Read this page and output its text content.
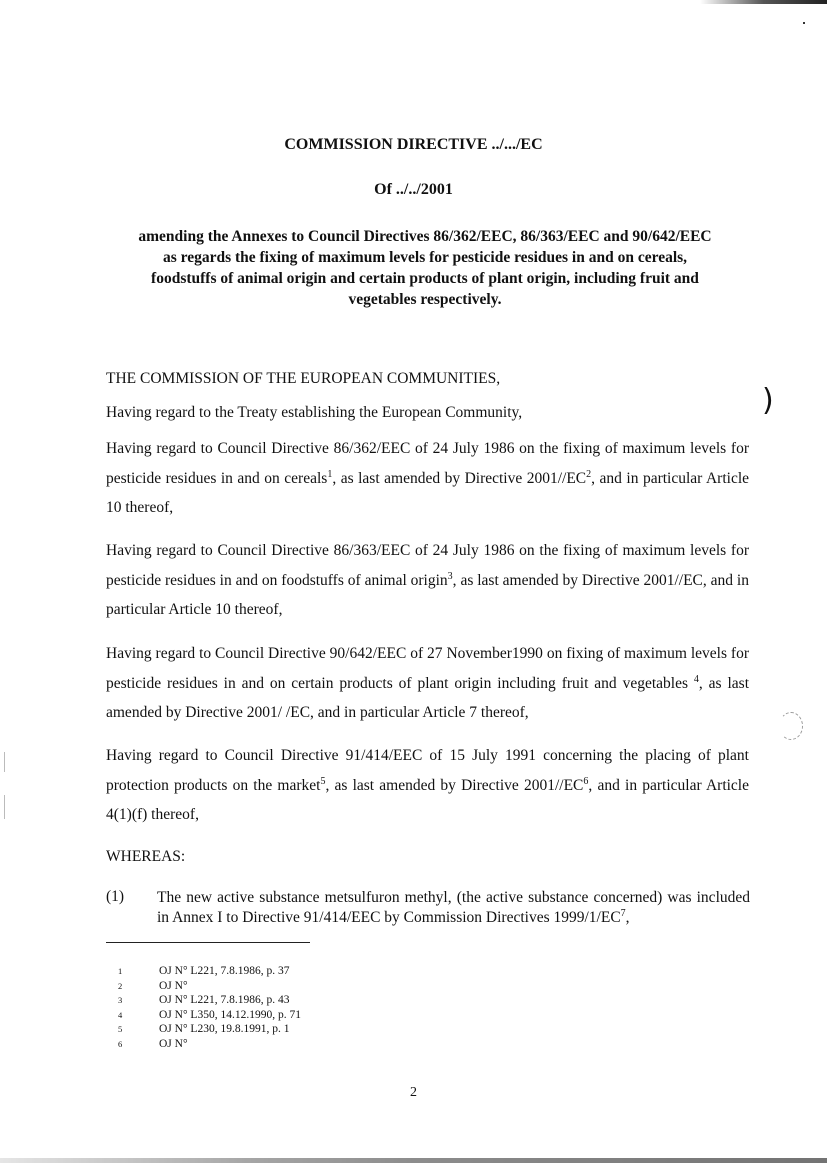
COMMISSION DIRECTIVE ../.../EC
Of ../../2001
amending the Annexes to Council Directives 86/362/EEC, 86/363/EEC and 90/642/EEC
as regards the fixing of maximum levels for pesticide residues in and on cereals,
foodstuffs of animal origin and certain products of plant origin, including fruit and
vegetables respectively.
THE COMMISSION OF THE EUROPEAN COMMUNITIES,
)
Having regard to the Treaty establishing the European Community,
Having regard to Council Directive 86/362/EEC of 24 July 1986 on the fixing of maximum levels for pesticide residues in and on cereals$^1$, as last amended by Directive $2001//EC^2$, and in particular Article 10 thereof,
Having regard to Council Directive 86/363/EEC of 24 July 1986 on the fixing of maximum levels for pesticide residues in and on foodstuffs of animal origin$^3$, as last amended by Directive 2001//EC, and in particular Article 10 thereof,
Having regard to Council Directive 90/642/EEC of 27 November1990 on fixing of maximum levels for pesticide residues in and on certain products of plant origin including fruit and vegetables $^4$, as last amended by Directive 2001/ /EC, and in particular Article 7 thereof,
Having regard to Council Directive 91/414/EEC of 15 July 1991 concerning the placing of plant protection products on the market$^5$, as last amended by Directive $2001//EC^6$, and in particular Article 4(1)(f) thereof,
WHEREAS:
(1) The new active substance metsulfuron methyl, (the active substance concerned) was included in Annex I to Directive 91/414/EEC by Commission Directives $1999/1/EC^7$,
1	OJ N° L221, 7.8.1986, p. 37
2	OJ N°
3	OJ N° L221, 7.8.1986, p. 43
4	OJ N° L350, 14.12.1990, p. 71
5	OJ N° L230, 19.8.1991, p. 1
6	OJ N°
2
